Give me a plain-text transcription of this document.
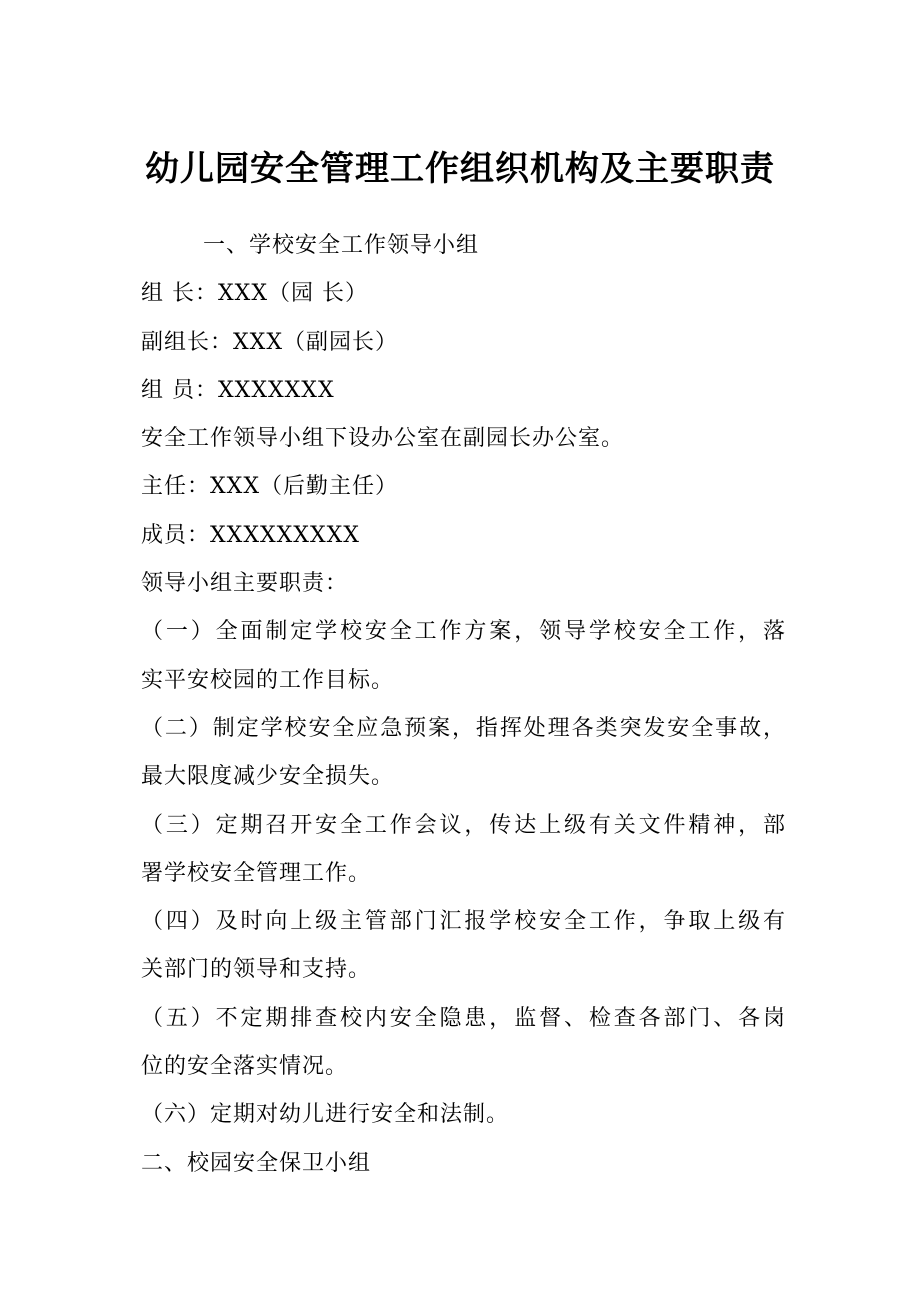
幼儿园安全管理工作组织机构及主要职责
一、学校安全工作领导小组
组 长：XXX（园 长）
副组长：XXX（副园长）
组 员：XXXXXXX
安全工作领导小组下设办公室在副园长办公室。
主任：XXX（后勤主任）
成员：XXXXXXXXX
领导小组主要职责：
（一）全面制定学校安全工作方案，领导学校安全工作，落
实平安校园的工作目标。
（二）制定学校安全应急预案，指挥处理各类突发安全事故，
最大限度减少安全损失。
（三）定期召开安全工作会议，传达上级有关文件精神，部
署学校安全管理工作。
（四）及时向上级主管部门汇报学校安全工作，争取上级有
关部门的领导和支持。
（五）不定期排查校内安全隐患，监督、检查各部门、各岗
位的安全落实情况。
（六）定期对幼儿进行安全和法制。
二、校园安全保卫小组
